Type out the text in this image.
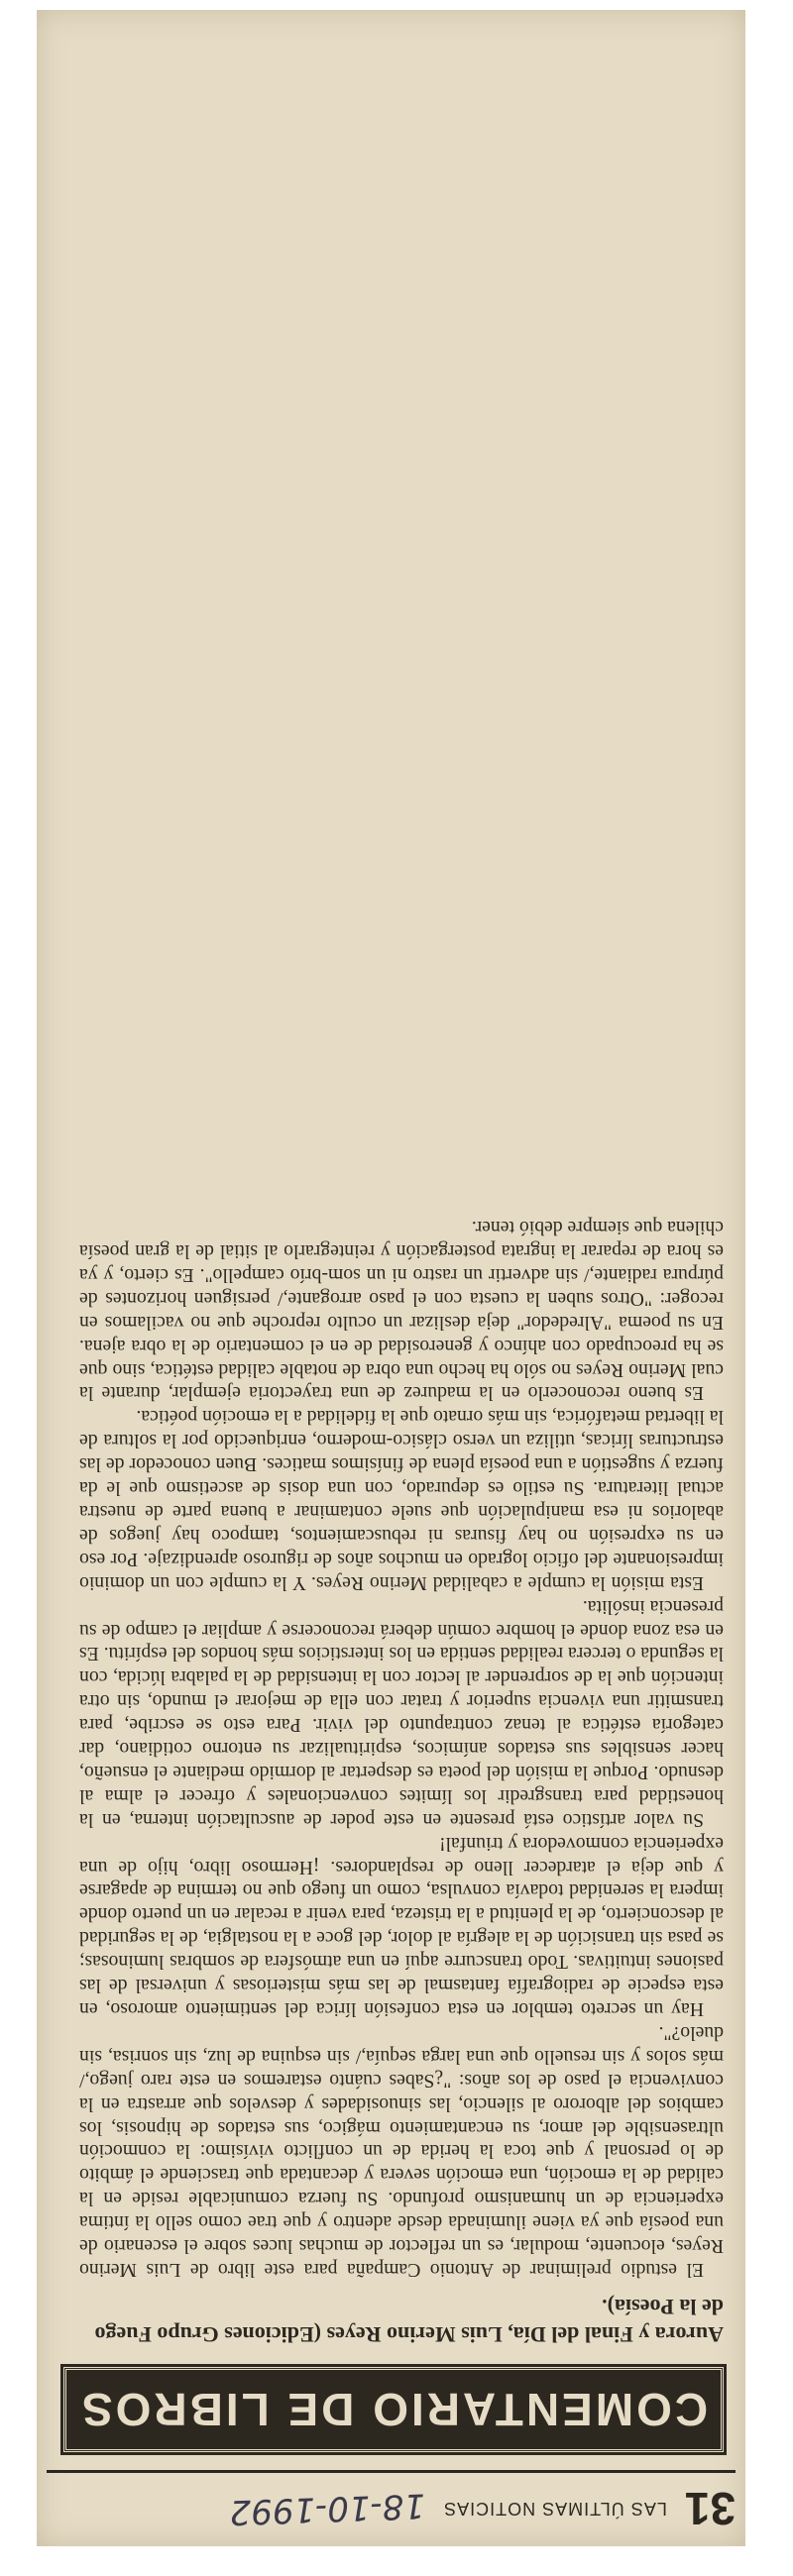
31
LAS ÚLTIMAS NOTICIAS
18-10-1992
COMENTARIO DE LIBROS
Aurora y Final del Día, Luis Merino Reyes (Ediciones Grupo Fuego de la Poesía).

El estudio preliminar de Antonio Campaña para este libro de Luis Merino Reyes, elocuente, modular, es un reflector de muchas luces sobre el escenario de una poesía que ya viene iluminada desde adentro y que trae como sello la íntima experiencia de un humanismo profundo. Su fuerza comunicable reside en la calidad de la emoción, una emoción severa y decantada que trasciende el ámbito de lo personal y que toca la herida de un conflicto vivísimo: la conmoción ultrasensible del amor, su encantamiento mágico, sus estados de hipnosis, los cambios del albororo al silencio, las sinuosidades y desvelos que arrastra en la convivencia el paso de los años: "¿Sabes cuánto estaremos en este raro juego,/ más solos y sin resuello que una larga sequía,/ sin esquina de luz, sin sonrisa, sin duelo?".

Hay un secreto temblor en esta confesión lírica del sentimiento amoroso, en esta especie de radiografía fantasmal de las más misteriosas y universal de las pasiones intuitivas. Todo transcurre aquí en una atmósfera de sombras luminosas; se pasa sin transición de la alegría al dolor, del goce a la nostalgia, de la seguridad al desconcierto, de la plenitud a la tristeza, para venir a recalar en un puerto donde impera la serenidad todavía convulsa, como un fuego que no termina de apagarse y que deja el atardecer lleno de resplandores. ¡Hermoso libro, hijo de una experiencia conmovedora y triunfal!

Su valor artístico está presente en este poder de auscultación interna, en la honestidad para transgredir los límites convencionales y ofrecer el alma al desnudo. Porque la misión del poeta es despertar al dormido mediante el ensueño, hacer sensibles sus estados anímicos, espiritualizar su entorno cotidiano, dar categoría estética al tenaz contrapunto del vivir. Para esto se escribe, para transmitir una vivencia superior y tratar con ella de mejorar el mundo, sin otra intención que la de sorprender al lector con la intensidad de la palabra lúcida, con la segunda o tercera realidad sentida en los intersticios más hondos del espíritu. Es en esa zona donde el hombre común deberá reconocerse y ampliar el campo de su presencia insólita.

Esta misión la cumple a cabalidad Merino Reyes. Y la cumple con un dominio impresionante del oficio logrado en muchos años de riguroso aprendizaje. Por eso en su expresión no hay fisuras ni rebuscamientos, tampoco hay juegos de abalorios ni esa manipulación que suele contaminar a buena parte de nuestra actual literatura. Su estilo es depurado, con una dosis de ascetismo que le da fuerza y sugestión a una poesía plena de finísimos matices. Buen conocedor de las estructuras líricas, utiliza un verso clásico-moderno, enriquecido por la soltura de la libertad metafórica, sin más ornato que la fidelidad a la emoción poética.

Es bueno reconocerlo en la madurez de una trayectoria ejemplar, durante la cual Merino Reyes no sólo ha hecho una obra de notable calidad estética, sino que se ha preocupado con ahínco y generosidad de en el comentario de la obra ajena. En su poema "Alrededor" deja deslizar un oculto reproche que no vacilamos en recoger: "Otros suben la cuesta con el paso arrogante,/ persiguen horizontes de púrpura radiante,/ sin advertir un rastro ni un som-brío campello". Es cierto, y ya es hora de reparar la ingrata postergación y reintegrarlo al sitial de la gran poesía chilena que siempre debió tener.
